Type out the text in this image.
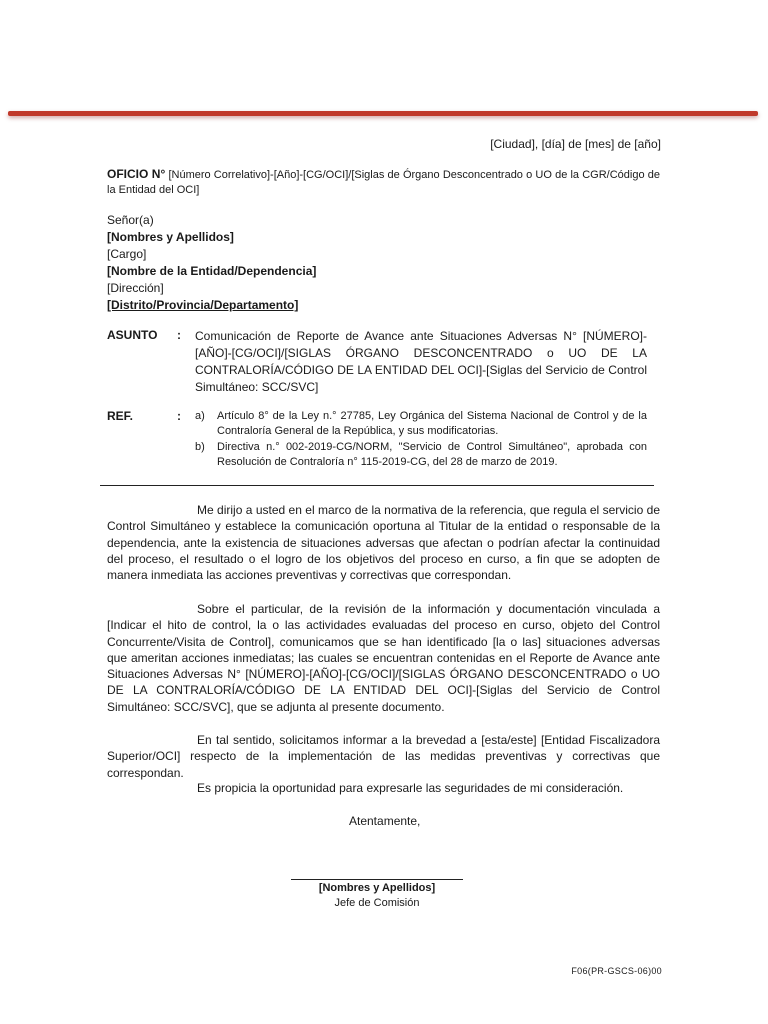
[Ciudad], [día] de [mes] de [año]
OFICIO N° [Número Correlativo]-[Año]-[CG/OCI]/[Siglas de Órgano Desconcentrado o UO de la CGR/Código de la Entidad del OCI]
Señor(a)
[Nombres y Apellidos]
[Cargo]
[Nombre de la Entidad/Dependencia]
[Dirección]
[Distrito/Provincia/Departamento]
ASUNTO : Comunicación de Reporte de Avance ante Situaciones Adversas N° [NÚMERO]-[AÑO]-[CG/OCI]/[SIGLAS ÓRGANO DESCONCENTRADO o UO DE LA CONTRALORÍA/CÓDIGO DE LA ENTIDAD DEL OCI]-[Siglas del Servicio de Control Simultáneo: SCC/SVC]
REF.	: a) Artículo 8° de la Ley n.° 27785, Ley Orgánica del Sistema Nacional de Control y de la Contraloría General de la República, y sus modificatorias.
b) Directiva n.° 002-2019-CG/NORM, "Servicio de Control Simultáneo", aprobada con Resolución de Contraloría n° 115-2019-CG, del 28 de marzo de 2019.
Me dirijo a usted en el marco de la normativa de la referencia, que regula el servicio de Control Simultáneo y establece la comunicación oportuna al Titular de la entidad o responsable de la dependencia, ante la existencia de situaciones adversas que afectan o podrían afectar la continuidad del proceso, el resultado o el logro de los objetivos del proceso en curso, a fin que se adopten de manera inmediata las acciones preventivas y correctivas que correspondan.
Sobre el particular, de la revisión de la información y documentación vinculada a [Indicar el hito de control, la o las actividades evaluadas del proceso en curso, objeto del Control Concurrente/Visita de Control], comunicamos que se han identificado [la o las] situaciones adversas que ameritan acciones inmediatas; las cuales se encuentran contenidas en el Reporte de Avance ante Situaciones Adversas N° [NÚMERO]-[AÑO]-[CG/OCI]/[SIGLAS ÓRGANO DESCONCENTRADO o UO DE LA CONTRALORÍA/CÓDIGO DE LA ENTIDAD DEL OCI]-[Siglas del Servicio de Control Simultáneo: SCC/SVC], que se adjunta al presente documento.
En tal sentido, solicitamos informar a la brevedad a [esta/este] [Entidad Fiscalizadora Superior/OCI] respecto de la implementación de las medidas preventivas y correctivas que correspondan.
Es propicia la oportunidad para expresarle las seguridades de mi consideración.
Atentamente,
[Nombres y Apellidos]
Jefe de Comisión
F06(PR-GSCS-06)00
